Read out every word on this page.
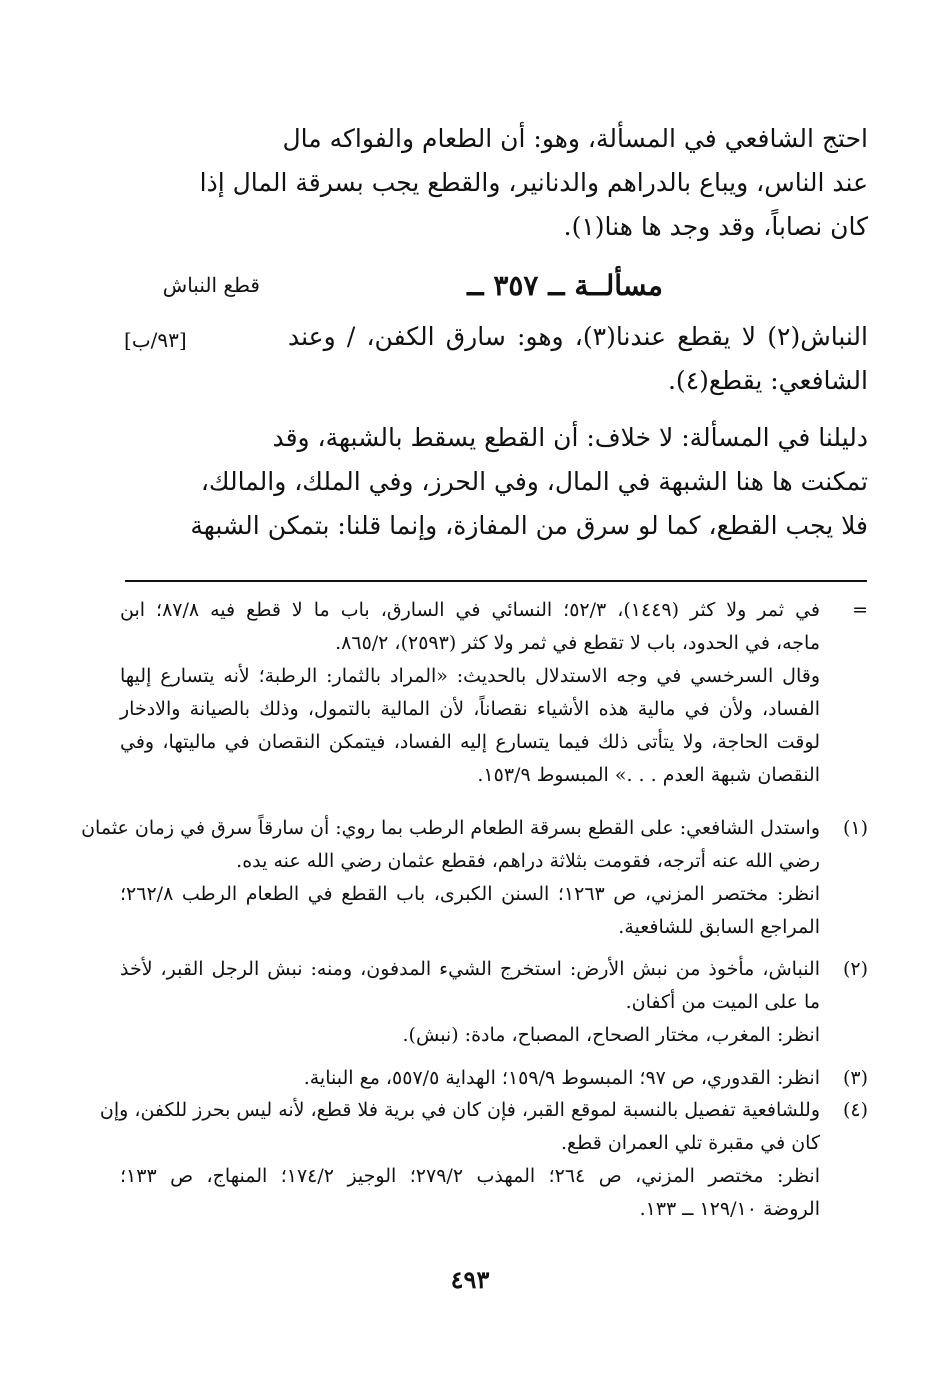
احتج الشافعي في المسألة، وهو: أن الطعام والفواكه مال
عند الناس، ويباع بالدراهم والدنانير، والقطع يجب بسرقة المال إذا
كان نصاباً، وقد وجد ها هنا(١).
مسألــة ــ ٣٥٧ ــ
قطع النباش
[٩٣/ب]	النباش(٢) لا يقطع عندنا(٣)، وهو: سارق الكفن، / وعند
الشافعي: يقطع(٤).
دليلنا في المسألة: لا خلاف: أن القطع يسقط بالشبهة، وقد
تمكنت ها هنا الشبهة في المال، وفي الحرز، وفي الملك، والمالك،
فلا يجب القطع، كما لو سرق من المفازة، وإنما قلنا: بتمكن الشبهة
=
في ثمر ولا كثر (١٤٤٩)، ٥٢/٣؛ النسائي في السارق، باب ما لا قطع فيه ٨٧/٨؛ ابن
ماجه، في الحدود، باب لا تقطع في ثمر ولا كثر (٢٥٩٣)، ٨٦٥/٢.
وقال السرخسي في وجه الاستدلال بالحديث: «المراد بالثمار: الرطبة؛ لأنه يتسارع إليها
الفساد، ولأن في مالية هذه الأشياء نقصاناً، لأن المالية بالتمول، وذلك بالصيانة والادخار
لوقت الحاجة، ولا يتأتى ذلك فيما يتسارع إليه الفساد، فيتمكن النقصان في ماليتها، وفي
النقصان شبهة العدم . . .» المبسوط ١٥٣/٩.
(١)
واستدل الشافعي: على القطع بسرقة الطعام الرطب بما روي: أن سارقاً سرق في زمان عثمان
رضي الله عنه أترجه، فقومت بثلاثة دراهم، فقطع عثمان رضي الله عنه يده.
انظر: مختصر المزني، ص ١٢٦٣؛ السنن الكبرى، باب القطع في الطعام الرطب ٢٦٢/٨؛
المراجع السابق للشافعية.
(٢)
النباش، مأخوذ من نبش الأرض: استخرج الشيء المدفون، ومنه: نبش الرجل القبر، لأخذ
ما على الميت من أكفان.
انظر: المغرب، مختار الصحاح، المصباح، مادة: (نبش).
(٣)
انظر: القدوري، ص ٩٧؛ المبسوط ١٥٩/٩؛ الهداية ٥٥٧/٥، مع البناية.
(٤)
وللشافعية تفصيل بالنسبة لموقع القبر، فإن كان في برية فلا قطع، لأنه ليس بحرز للكفن، وإن
كان في مقبرة تلي العمران قطع.
انظر: مختصر المزني، ص ٢٦٤؛ المهذب ٢٧٩/٢؛ الوجيز ١٧٤/٢؛ المنهاج، ص ١٣٣؛
الروضة ١٢٩/١٠ ــ ١٣٣.
٤٩٣
